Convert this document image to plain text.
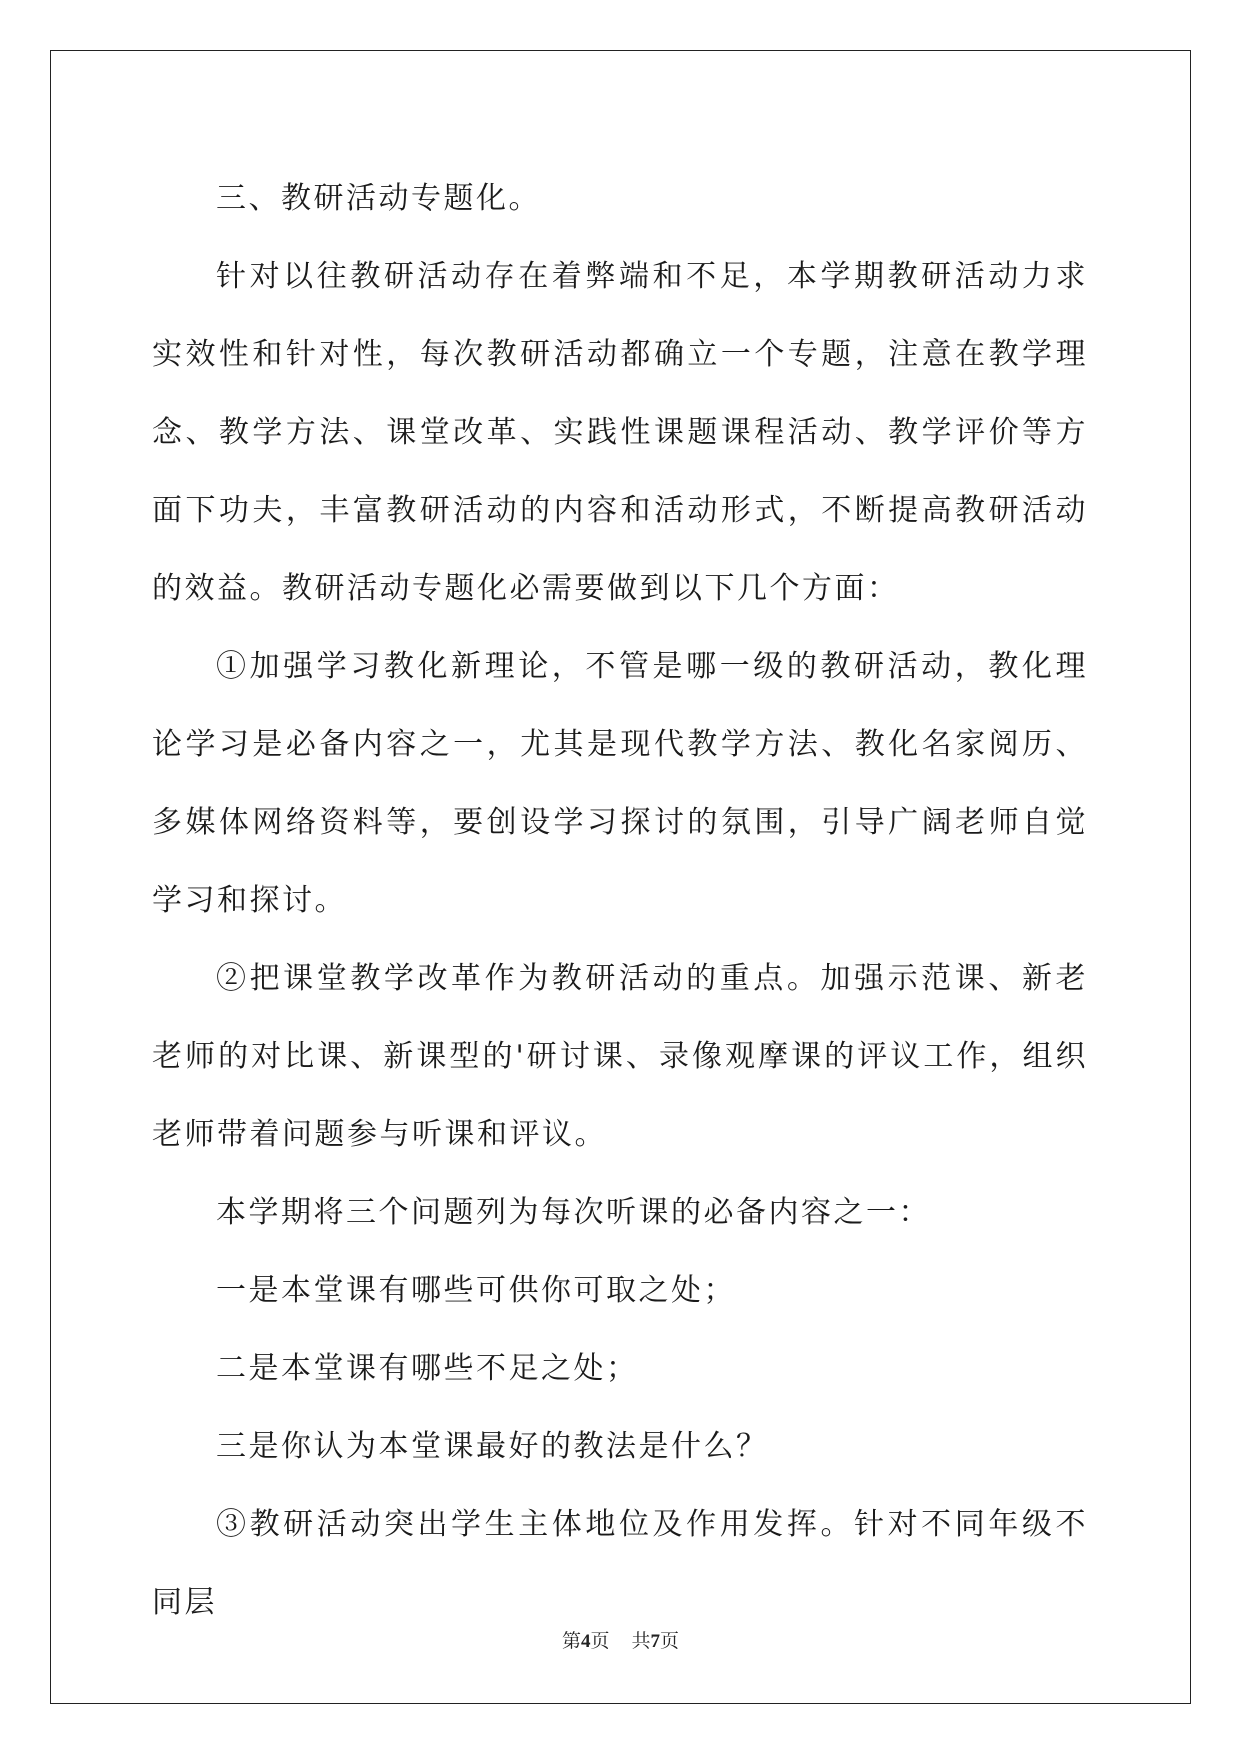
三、教研活动专题化。

针对以往教研活动存在着弊端和不足，本学期教研活动力求实效性和针对性，每次教研活动都确立一个专题，注意在教学理念、教学方法、课堂改革、实践性课题课程活动、教学评价等方面下功夫，丰富教研活动的内容和活动形式，不断提高教研活动的效益。教研活动专题化必需要做到以下几个方面：

①加强学习教化新理论，不管是哪一级的教研活动，教化理论学习是必备内容之一，尤其是现代教学方法、教化名家阅历、多媒体网络资料等，要创设学习探讨的氛围，引导广阔老师自觉学习和探讨。

②把课堂教学改革作为教研活动的重点。加强示范课、新老老师的对比课、新课型的'研讨课、录像观摩课的评议工作，组织老师带着问题参与听课和评议。

本学期将三个问题列为每次听课的必备内容之一：

一是本堂课有哪些可供你可取之处；

二是本堂课有哪些不足之处；

三是你认为本堂课最好的教法是什么？

③教研活动突出学生主体地位及作用发挥。针对不同年级不同层

第4页 共7页
